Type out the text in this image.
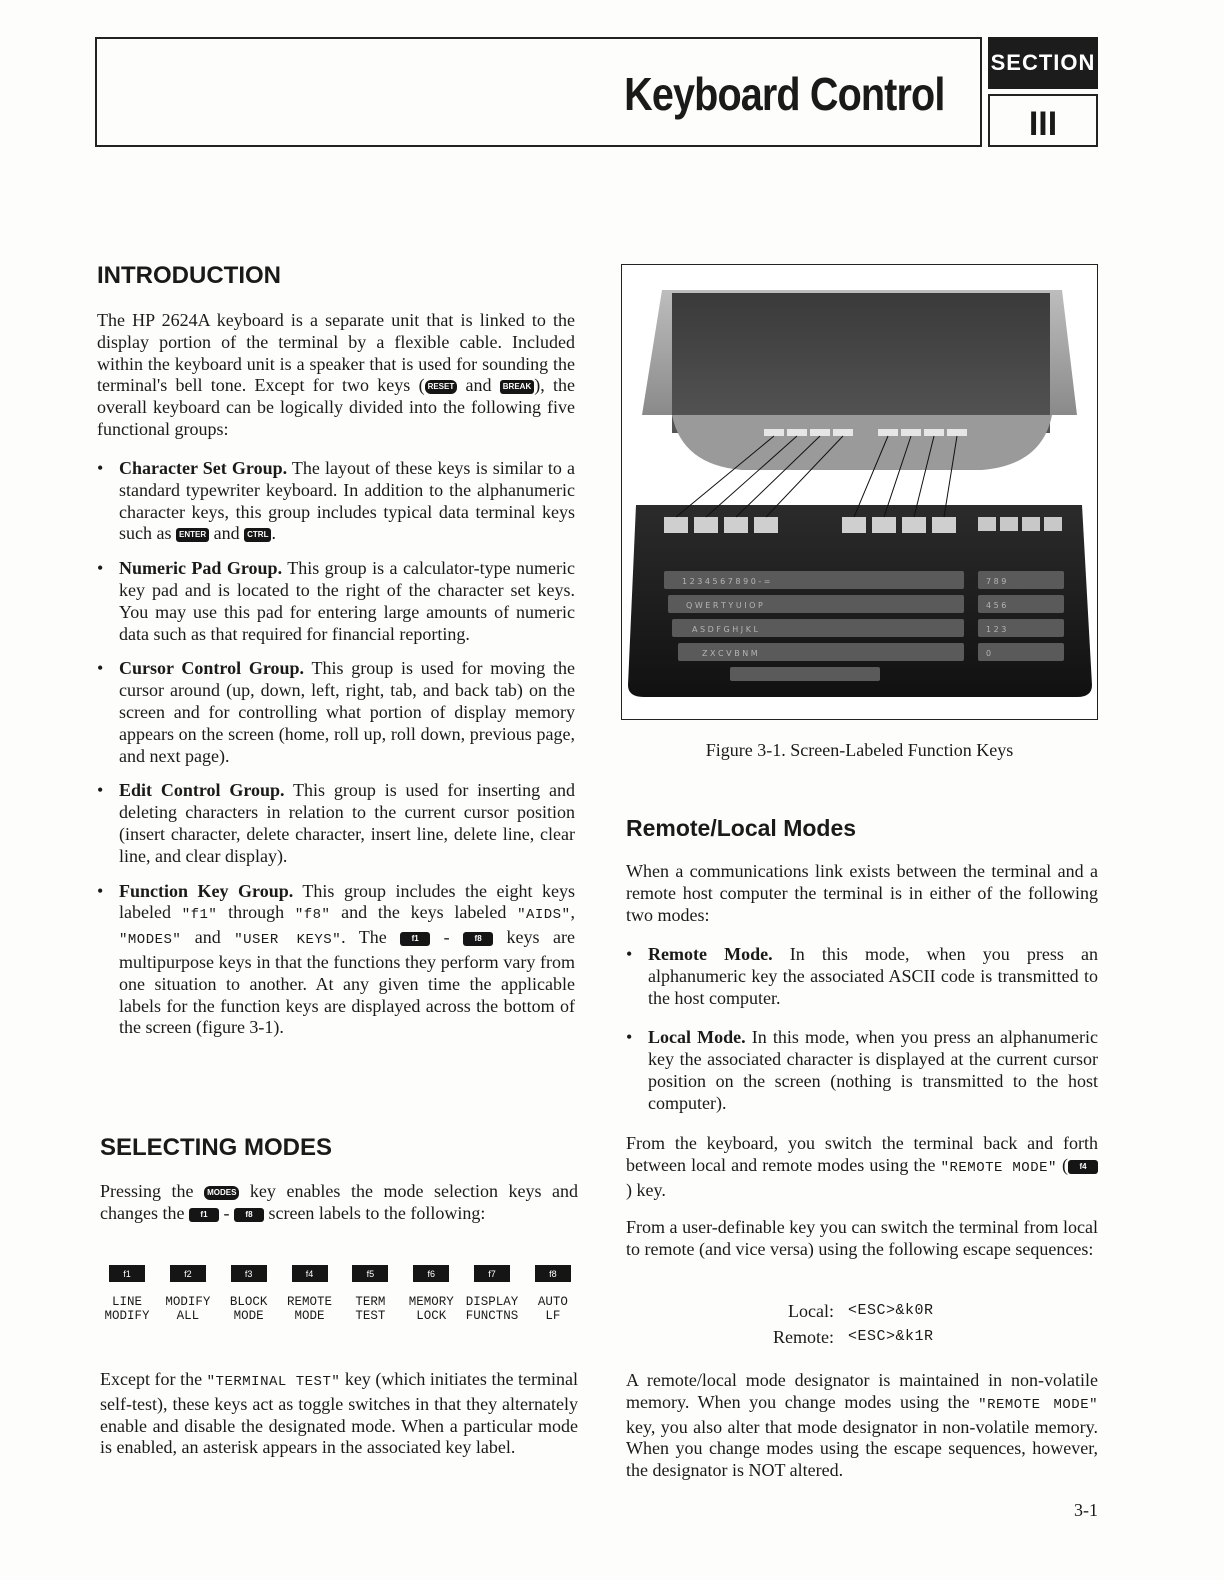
Keyboard Control
SECTION
III
INTRODUCTION
The HP 2624A keyboard is a separate unit that is linked to the display portion of the terminal by a flexible cable. Included within the keyboard unit is a speaker that is used for sounding the terminal's bell tone. Except for two keys ( RESET and BREAK ), the overall keyboard can be logically divided into the following five functional groups:
• Character Set Group. The layout of these keys is similar to a standard typewriter keyboard. In addition to the alphanumeric character keys, this group includes typical data terminal keys such as ENTER and CTRL .
• Numeric Pad Group. This group is a calculator-type numeric key pad and is located to the right of the character set keys. You may use this pad for entering large amounts of numeric data such as that required for financial reporting.
• Cursor Control Group. This group is used for moving the cursor around (up, down, left, right, tab, and back tab) on the screen and for controlling what portion of display memory appears on the screen (home, roll up, roll down, previous page, and next page).
• Edit Control Group. This group is used for inserting and deleting characters in relation to the current cursor position (insert character, delete character, insert line, delete line, clear line, and clear display).
• Function Key Group. This group includes the eight keys labeled "f1" through "f8" and the keys labeled "AIDS", "MODES" and "USER KEYS". The f1 - f8 keys are multipurpose keys in that the functions they perform vary from one situation to another. At any given time the applicable labels for the function keys are displayed across the bottom of the screen (figure 3-1).
SELECTING MODES
Pressing the MODES key enables the mode selection keys and changes the f1 - f8 screen labels to the following:
f1
LINE
MODIFY
f2
MODIFY
ALL
f3
BLOCK
MODE
f4
REMOTE
MODE
f5
TERM
TEST
f6
MEMORY
LOCK
f7
DISPLAY
FUNCTNS
f8
AUTO
LF
Except for the "TERMINAL TEST" key (which initiates the terminal self-test), these keys act as toggle switches in that they alternately enable and disable the designated mode. When a particular mode is enabled, an asterisk appears in the associated key label.
1 2 3 4 5 6 7 8 9 0 - =
Q W E R T Y U I O P
A S D F G H J K L
Z X C V B N M
7 8 9
4 5 6
1 2 3
0
Figure 3-1. Screen-Labeled Function Keys
Remote/Local Modes
When a communications link exists between the terminal and a remote host computer the terminal is in either of the following two modes:
• Remote Mode. In this mode, when you press an alphanumeric key the associated ASCII code is transmitted to the host computer.
• Local Mode. In this mode, when you press an alphanumeric key the associated character is displayed at the current cursor position on the screen (nothing is transmitted to the host computer).
From the keyboard, you switch the terminal back and forth between local and remote modes using the "REMOTE MODE" ( f4) key.
From a user-definable key you can switch the terminal from local to remote (and vice versa) using the following escape sequences:
Local: <ESC>&k0R
Remote: <ESC>&k1R
A remote/local mode designator is maintained in non-volatile memory. When you change modes using the "REMOTE MODE" key, you also alter that mode designator in non-volatile memory. When you change modes using the escape sequences, however, the designator is NOT altered.
3-1
